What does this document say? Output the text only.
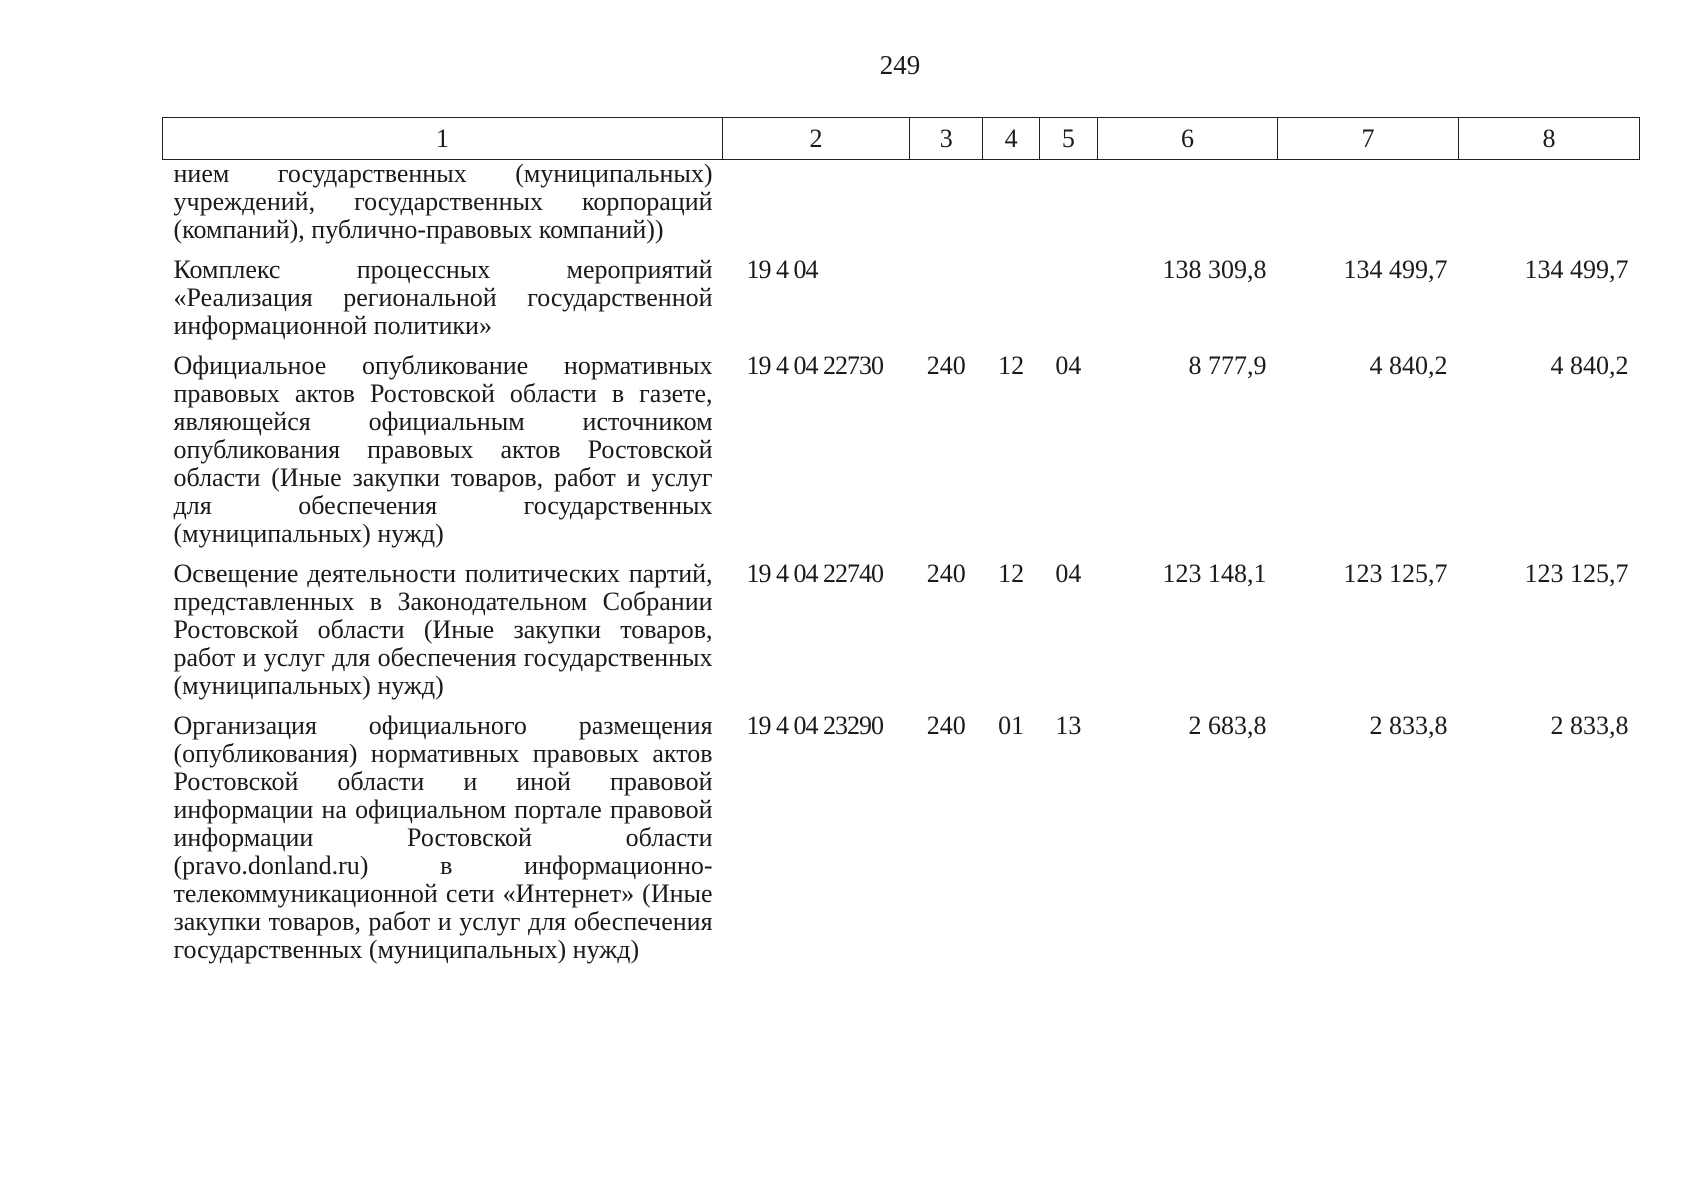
249
1	2	3	4	5	6	7	8
нием государственных (муниципальных) учреждений, государственных корпораций (компаний), публично-правовых компаний))							
Комплекс процессных мероприятий «Реализация региональной государственной информационной политики»	19 4 04				138 309,8	134 499,7	134 499,7
Официальное опубликование нормативных правовых актов Ростовской области в газете, являющейся официальным источником опубликования правовых актов Ростовской области (Иные закупки товаров, работ и услуг для обеспечения государственных (муниципальных) нужд)	19 4 04 22730	240	12	04	8 777,9	4 840,2	4 840,2
Освещение деятельности политических партий, представленных в Законодательном Собрании Ростовской области (Иные закупки товаров, работ и услуг для обеспечения государственных (муниципальных) нужд)	19 4 04 22740	240	12	04	123 148,1	123 125,7	123 125,7
Организация официального размещения (опубликования) нормативных правовых актов Ростовской области и иной правовой информации на официальном портале правовой информации Ростовской области (pravo.donland.ru) в информационно-телекоммуникационной сети «Интернет» (Иные закупки товаров, работ и услуг для обеспечения государственных (муниципальных) нужд)	19 4 04 23290	240	01	13	2 683,8	2 833,8	2 833,8
